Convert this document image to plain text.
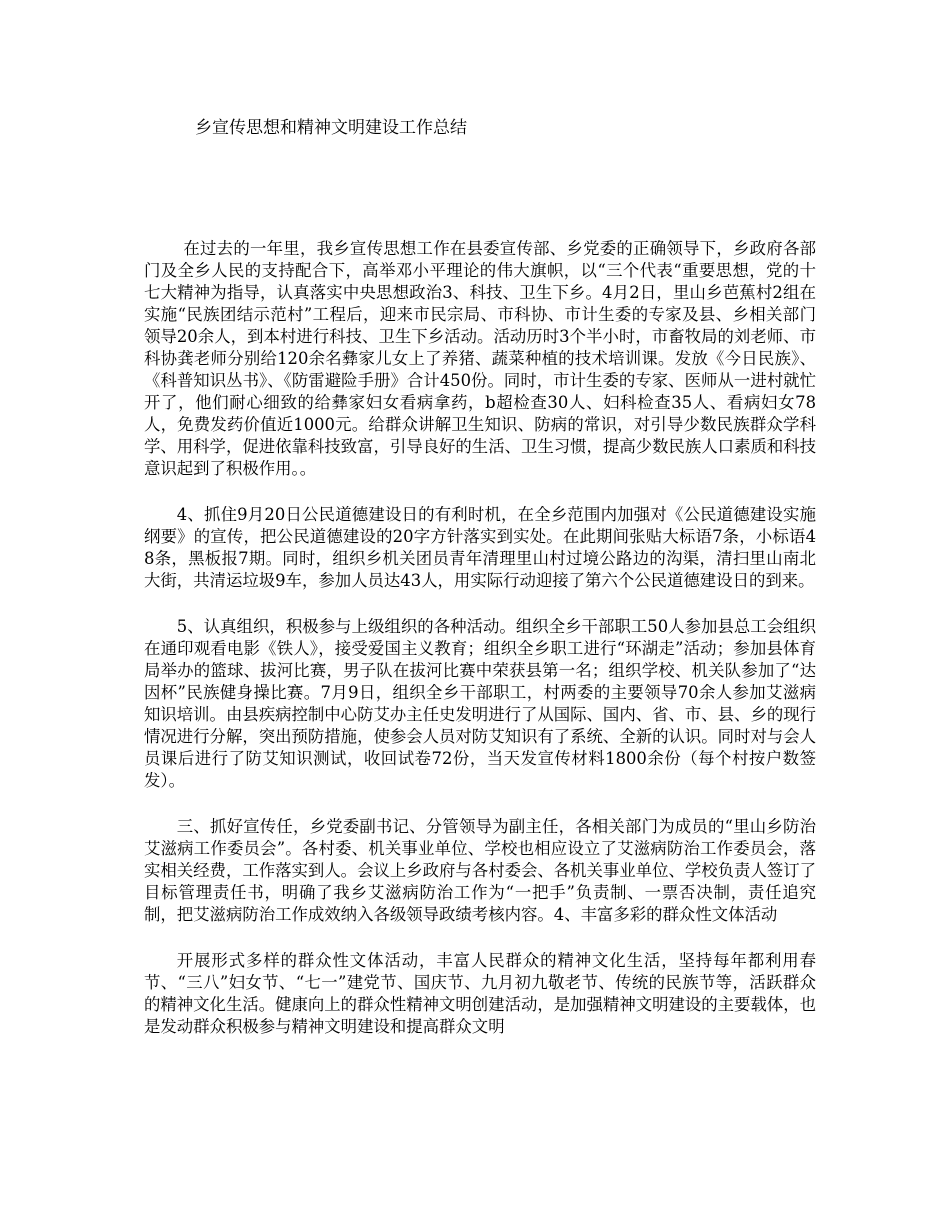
乡宣传思想和精神文明建设工作总结

在过去的一年里，我乡宣传思想工作在县委宣传部、乡党委的正确领导下，乡政府各部门及全乡人民的支持配合下，高举邓小平理论的伟大旗帜，以“三个代表“重要思想，党的十七大精神为指导，认真落实中央思想政治3、科技、卫生下乡。4月2日，里山乡芭蕉村2组在实施“民族团结示范村”工程后，迎来市民宗局、市科协、市计生委的专家及县、乡相关部门领导20余人，到本村进行科技、卫生下乡活动。活动历时3个半小时，市畜牧局的刘老师、市科协龚老师分别给120余名彝家儿女上了养猪、蔬菜种植的技术培训课。发放《今日民族》、《科普知识丛书》、《防雷避险手册》合计450份。同时，市计生委的专家、医师从一进村就忙开了，他们耐心细致的给彝家妇女看病拿药，b超检查30人、妇科检查35人、看病妇女78人，免费发药价值近1000元。给群众讲解卫生知识、防病的常识，对引导少数民族群众学科学、用科学，促进依靠科技致富，引导良好的生活、卫生习惯，提高少数民族人口素质和科技意识起到了积极作用。。

4、抓住9月20日公民道德建设日的有利时机，在全乡范围内加强对《公民道德建设实施纲要》的宣传，把公民道德建设的20字方针落实到实处。在此期间张贴大标语7条，小标语48条，黑板报7期。同时，组织乡机关团员青年清理里山村过境公路边的沟渠，清扫里山南北大街，共清运垃圾9车，参加人员达43人，用实际行动迎接了第六个公民道德建设日的到来。

5、认真组织，积极参与上级组织的各种活动。组织全乡干部职工50人参加县总工会组织在通印观看电影《铁人》，接受爱国主义教育；组织全乡职工进行“环湖走”活动；参加县体育局举办的篮球、拔河比赛，男子队在拔河比赛中荣获县第一名；组织学校、机关队参加了“达因杯”民族健身操比赛。7月9日，组织全乡干部职工，村两委的主要领导70余人参加艾滋病知识培训。由县疾病控制中心防艾办主任史发明进行了从国际、国内、省、市、县、乡的现行情况进行分解，突出预防措施，使参会人员对防艾知识有了系统、全新的认识。同时对与会人员课后进行了防艾知识测试，收回试卷72份，当天发宣传材料1800余份（每个村按户数签发）。

三、抓好宣传任，乡党委副书记、分管领导为副主任，各相关部门为成员的“里山乡防治艾滋病工作委员会”。各村委、机关事业单位、学校也相应设立了艾滋病防治工作委员会，落实相关经费，工作落实到人。会议上乡政府与各村委会、各机关事业单位、学校负责人签订了目标管理责任书，明确了我乡艾滋病防治工作为“一把手”负责制、一票否决制，责任追究制，把艾滋病防治工作成效纳入各级领导政绩考核内容。4、丰富多彩的群众性文体活动

开展形式多样的群众性文体活动，丰富人民群众的精神文化生活，坚持每年都利用春节、“三八”妇女节、“七一”建党节、国庆节、九月初九敬老节、传统的民族节等，活跃群众的精神文化生活。健康向上的群众性精神文明创建活动，是加强精神文明建设的主要载体，也是发动群众积极参与精神文明建设和提高群众文明
